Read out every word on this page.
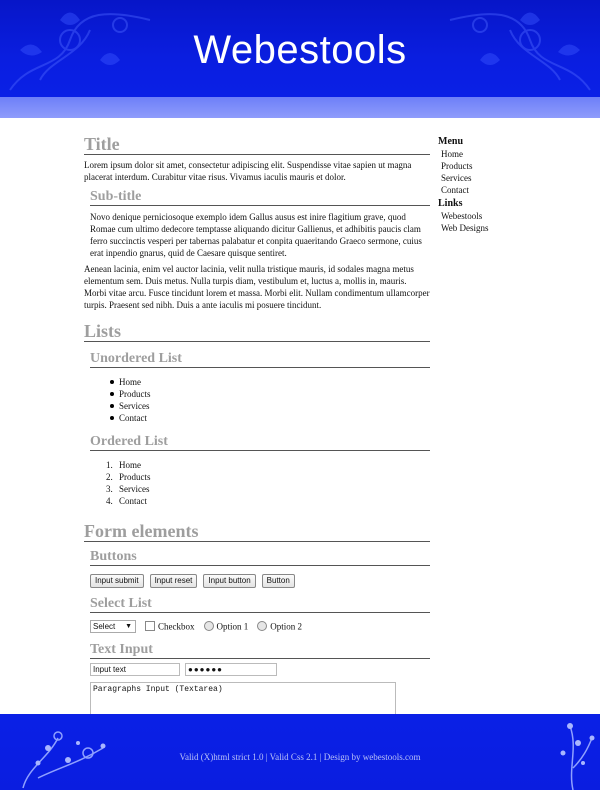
Webestools
Title

Lorem ipsum dolor sit amet, consectetur adipiscing elit. Suspendisse vitae sapien ut magna placerat interdum. Curabitur vitae risus. Vivamus iaculis mauris et dolor.

Sub-title

Novo denique perniciosoque exemplo idem Gallus ausus est inire flagitium grave, quod Romae cum ultimo dedecore temptasse aliquando dicitur Gallienus, et adhibitis paucis clam ferro succinctis vesperi per tabernas palabatur et conpita quaeritando Graeco sermone, cuius erat inpendio gnarus, quid de Caesare quisque sentiret.

Aenean lacinia, enim vel auctor lacinia, velit nulla tristique mauris, id sodales magna metus elementum sem. Duis metus. Nulla turpis diam, vestibulum et, luctus a, mollis in, mauris. Morbi vitae arcu. Fusce tincidunt lorem et massa. Morbi elit. Nullam condimentum ullamcorper turpis. Praesent sed nibh. Duis a ante iaculis mi posuere tincidunt.

Lists
Unordered List
Home
Products
Services
Contact
Ordered List
1. Home
2. Products
3. Services
4. Contact
Form elements
Buttons
Input submit Input reset Input button Button
Select List
Select ▼	Checkbox Option 1 Option 2
Text Input
Input text	●●●●●●
Paragraphs Input (Textarea)
Menu
Home
Products
Services
Contact
Links
Webestools
Web Designs
Valid (X)html strict 1.0 | Valid Css 2.1 | Design by webestools.com
